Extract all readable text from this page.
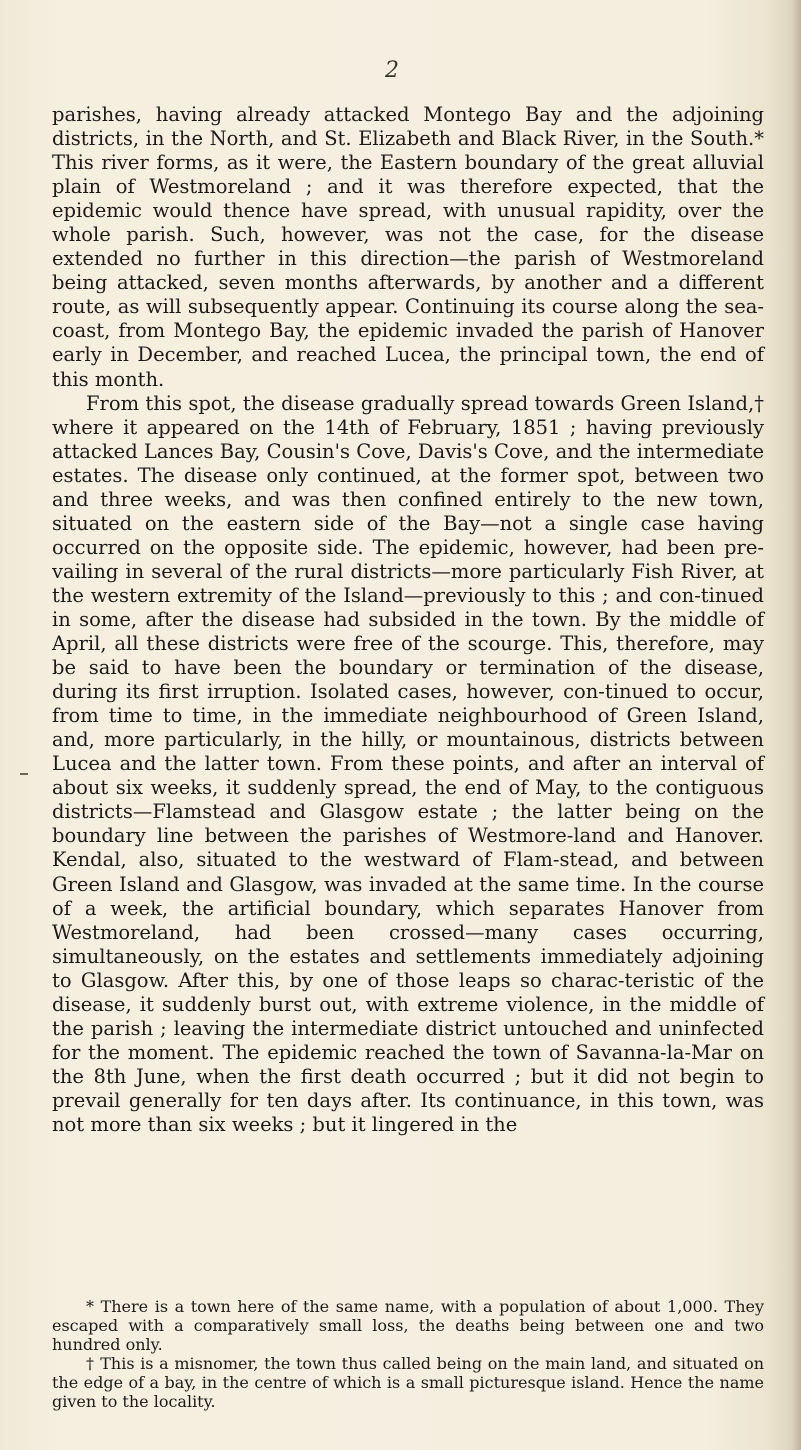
2

parishes, having already attacked Montego Bay and the adjoining districts, in the North, and St. Elizabeth and Black River, in the South.* This river forms, as it were, the Eastern boundary of the great alluvial plain of Westmoreland ; and it was therefore expected, that the epidemic would thence have spread, with unusual rapidity, over the whole parish. Such, however, was not the case, for the disease extended no further in this direction—the parish of Westmoreland being attacked, seven months afterwards, by another and a different route, as will subsequently appear. Continuing its course along the sea-coast, from Montego Bay, the epidemic invaded the parish of Hanover early in December, and reached Lucea, the principal town, the end of this month.

From this spot, the disease gradually spread towards Green Island,† where it appeared on the 14th of February, 1851 ; having previously attacked Lances Bay, Cousin's Cove, Davis's Cove, and the intermediate estates. The disease only continued, at the former spot, between two and three weeks, and was then confined entirely to the new town, situated on the eastern side of the Bay—not a single case having occurred on the opposite side. The epidemic, however, had been pre-vailing in several of the rural districts—more particularly Fish River, at the western extremity of the Island—previously to this ; and con-tinued in some, after the disease had subsided in the town. By the middle of April, all these districts were free of the scourge. This, therefore, may be said to have been the boundary or termination of the disease, during its first irruption. Isolated cases, however, con-tinued to occur, from time to time, in the immediate neighbourhood of Green Island, and, more particularly, in the hilly, or mountainous, districts between Lucea and the latter town. From these points, and after an interval of about six weeks, it suddenly spread, the end of May, to the contiguous districts—Flamstead and Glasgow estate ; the latter being on the boundary line between the parishes of Westmore-land and Hanover. Kendal, also, situated to the westward of Flam-stead, and between Green Island and Glasgow, was invaded at the same time. In the course of a week, the artificial boundary, which separates Hanover from Westmoreland, had been crossed—many cases occurring, simultaneously, on the estates and settlements immediately adjoining to Glasgow. After this, by one of those leaps so charac-teristic of the disease, it suddenly burst out, with extreme violence, in the middle of the parish ; leaving the intermediate district untouched and uninfected for the moment. The epidemic reached the town of Savanna-la-Mar on the 8th June, when the first death occurred ; but it did not begin to prevail generally for ten days after. Its continuance, in this town, was not more than six weeks ; but it lingered in the

* There is a town here of the same name, with a population of about 1,000. They escaped with a comparatively small loss, the deaths being between one and two hundred only.

† This is a misnomer, the town thus called being on the main land, and situated on the edge of a bay, in the centre of which is a small picturesque island. Hence the name given to the locality.
